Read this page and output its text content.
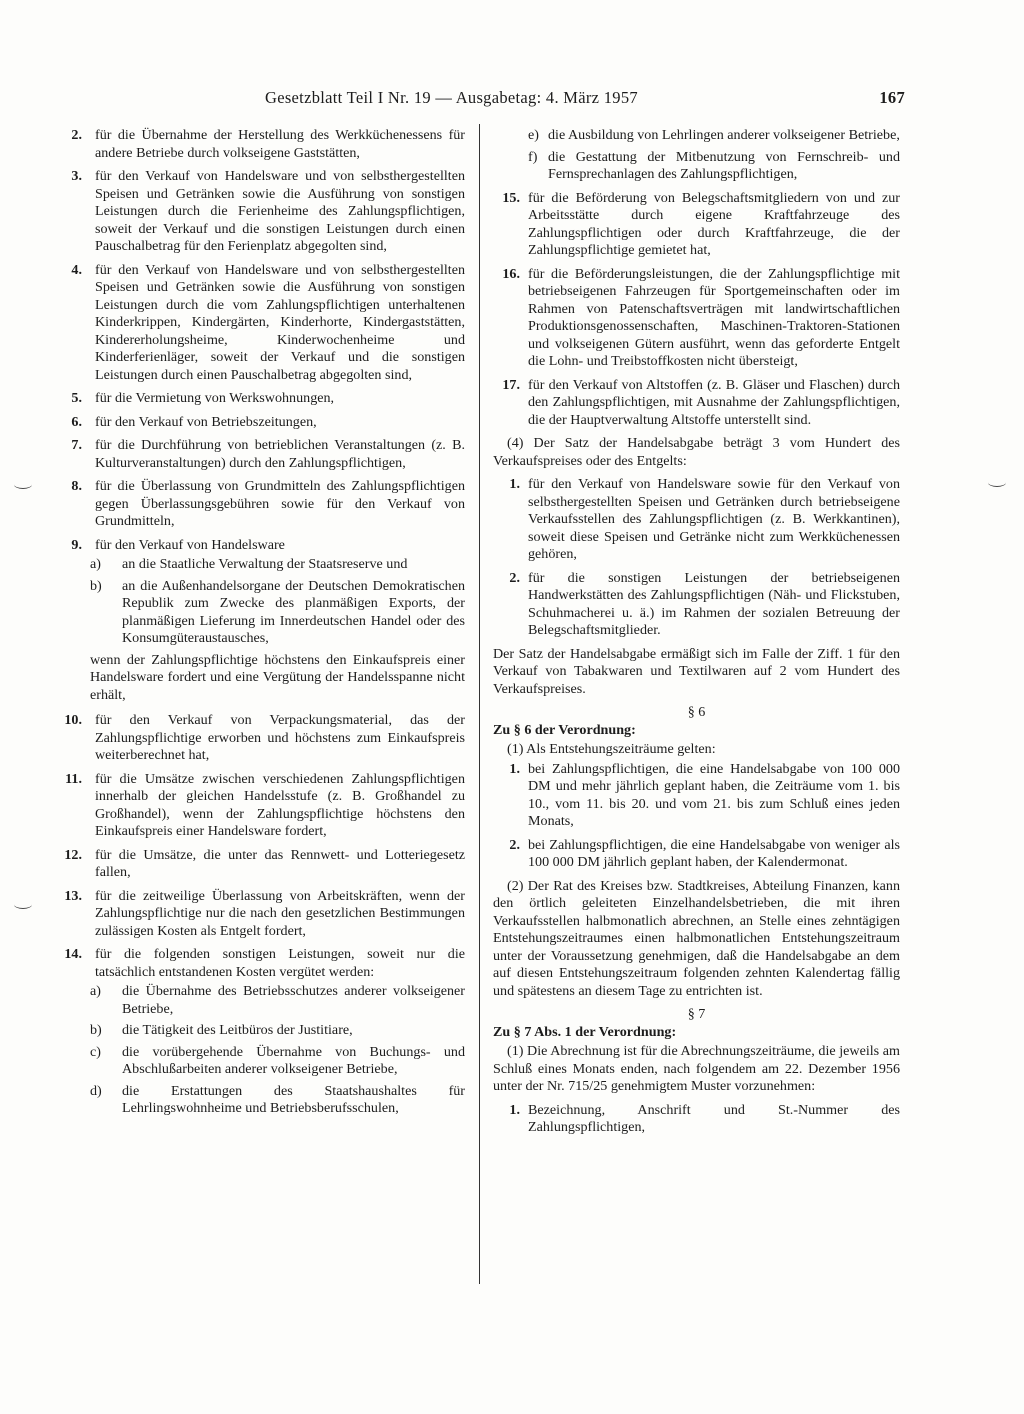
Gesetzblatt Teil I Nr. 19 — Ausgabetag: 4. März 1957	167
2. für die Übernahme der Herstellung des Werkküchenessens für andere Betriebe durch volkseigene Gaststätten,
3. für den Verkauf von Handelsware und von selbsthergestellten Speisen und Getränken sowie die Ausführung von sonstigen Leistungen durch die Ferienheime des Zahlungspflichtigen, soweit der Verkauf und die sonstigen Leistungen durch einen Pauschalbetrag für den Ferienplatz abgegolten sind,
4. für den Verkauf von Handelsware und von selbsthergestellten Speisen und Getränken sowie die Ausführung von sonstigen Leistungen durch die vom Zahlungspflichtigen unterhaltenen Kinderkrippen, Kindergärten, Kinderhorte, Kindergaststätten, Kindererholungsheime, Kinderwochenheime und Kinderferienläger, soweit der Verkauf und die sonstigen Leistungen durch einen Pauschalbetrag abgegolten sind,
5. für die Vermietung von Werkswohnungen,
6. für den Verkauf von Betriebszeitungen,
7. für die Durchführung von betrieblichen Veranstaltungen (z. B. Kulturveranstaltungen) durch den Zahlungspflichtigen,
8. für die Überlassung von Grundmitteln des Zahlungspflichtigen gegen Überlassungsgebühren sowie für den Verkauf von Grundmitteln,
9. für den Verkauf von Handelsware
a) an die Staatliche Verwaltung der Staatsreserve und
b) an die Außenhandelsorgane der Deutschen Demokratischen Republik zum Zwecke des planmäßigen Exports, der planmäßigen Lieferung im Innerdeutschen Handel oder des Konsumgüteraustausches,
wenn der Zahlungspflichtige höchstens den Einkaufspreis einer Handelsware fordert und eine Vergütung der Handelsspanne nicht erhält,
10. für den Verkauf von Verpackungsmaterial, das der Zahlungspflichtige erworben und höchstens zum Einkaufspreis weiterberechnet hat,
11. für die Umsätze zwischen verschiedenen Zahlungspflichtigen innerhalb der gleichen Handelsstufe (z. B. Großhandel zu Großhandel), wenn der Zahlungspflichtige höchstens den Einkaufspreis einer Handelsware fordert,
12. für die Umsätze, die unter das Rennwett- und Lotteriegesetz fallen,
13. für die zeitweilige Überlassung von Arbeitskräften, wenn der Zahlungspflichtige nur die nach den gesetzlichen Bestimmungen zulässigen Kosten als Entgelt fordert,
14. für die folgenden sonstigen Leistungen, soweit nur die tatsächlich entstandenen Kosten vergütet werden:
a) die Übernahme des Betriebsschutzes anderer volkseigener Betriebe,
b) die Tätigkeit des Leitbüros der Justitiare,
c) die vorübergehende Übernahme von Buchungs- und Abschlußarbeiten anderer volkseigener Betriebe,
d) die Erstattungen des Staatshaushaltes für Lehrlingswohnheime und Betriebsberufsschulen,
e) die Ausbildung von Lehrlingen anderer volkseigener Betriebe,
f) die Gestattung der Mitbenutzung von Fernschreib- und Fernsprechanlagen des Zahlungspflichtigen,
15. für die Beförderung von Belegschaftsmitgliedern von und zur Arbeitsstätte durch eigene Kraftfahrzeuge des Zahlungspflichtigen oder durch Kraftfahrzeuge, die der Zahlungspflichtige gemietet hat,
16. für die Beförderungsleistungen, die der Zahlungspflichtige mit betriebseigenen Fahrzeugen für Sportgemeinschaften oder im Rahmen von Patenschaftsverträgen mit landwirtschaftlichen Produktionsgenossenschaften, Maschinen-Traktoren-Stationen und volkseigenen Gütern ausführt, wenn das geforderte Entgelt die Lohn- und Treibstoffkosten nicht übersteigt,
17. für den Verkauf von Altstoffen (z. B. Gläser und Flaschen) durch den Zahlungspflichtigen, mit Ausnahme der Zahlungspflichtigen, die der Hauptverwaltung Altstoffe unterstellt sind.
(4) Der Satz der Handelsabgabe beträgt 3 vom Hundert des Verkaufspreises oder des Entgelts:
1. für den Verkauf von Handelsware sowie für den Verkauf von selbsthergestellten Speisen und Getränken durch betriebseigene Verkaufsstellen des Zahlungspflichtigen (z. B. Werkkantinen), soweit diese Speisen und Getränke nicht zum Werkküchenessen gehören,
2. für die sonstigen Leistungen der betriebseigenen Handwerkstätten des Zahlungspflichtigen (Näh- und Flickstuben, Schuhmacherei u. ä.) im Rahmen der sozialen Betreuung der Belegschaftsmitglieder.
Der Satz der Handelsabgabe ermäßigt sich im Falle der Ziff. 1 für den Verkauf von Tabakwaren und Textilwaren auf 2 vom Hundert des Verkaufspreises.
§ 6
Zu § 6 der Verordnung:
(1) Als Entstehungszeiträume gelten:
1. bei Zahlungspflichtigen, die eine Handelsabgabe von 100 000 DM und mehr jährlich geplant haben, die Zeiträume vom 1. bis 10., vom 11. bis 20. und vom 21. bis zum Schluß eines jeden Monats,
2. bei Zahlungspflichtigen, die eine Handelsabgabe von weniger als 100 000 DM jährlich geplant haben, der Kalendermonat.
(2) Der Rat des Kreises bzw. Stadtkreises, Abteilung Finanzen, kann den örtlich geleiteten Einzelhandelsbetrieben, die mit ihren Verkaufsstellen halbmonatlich abrechnen, an Stelle eines zehntägigen Entstehungszeitraumes einen halbmonatlichen Entstehungszeitraum unter der Voraussetzung genehmigen, daß die Handelsabgabe an dem auf diesen Entstehungszeitraum folgenden zehnten Kalendertag fällig und spätestens an diesem Tage zu entrichten ist.
§ 7
Zu § 7 Abs. 1 der Verordnung:
(1) Die Abrechnung ist für die Abrechnungszeiträume, die jeweils am Schluß eines Monats enden, nach folgendem am 22. Dezember 1956 unter der Nr. 715/25 genehmigtem Muster vorzunehmen:
1. Bezeichnung, Anschrift und St.-Nummer des Zahlungspflichtigen,
